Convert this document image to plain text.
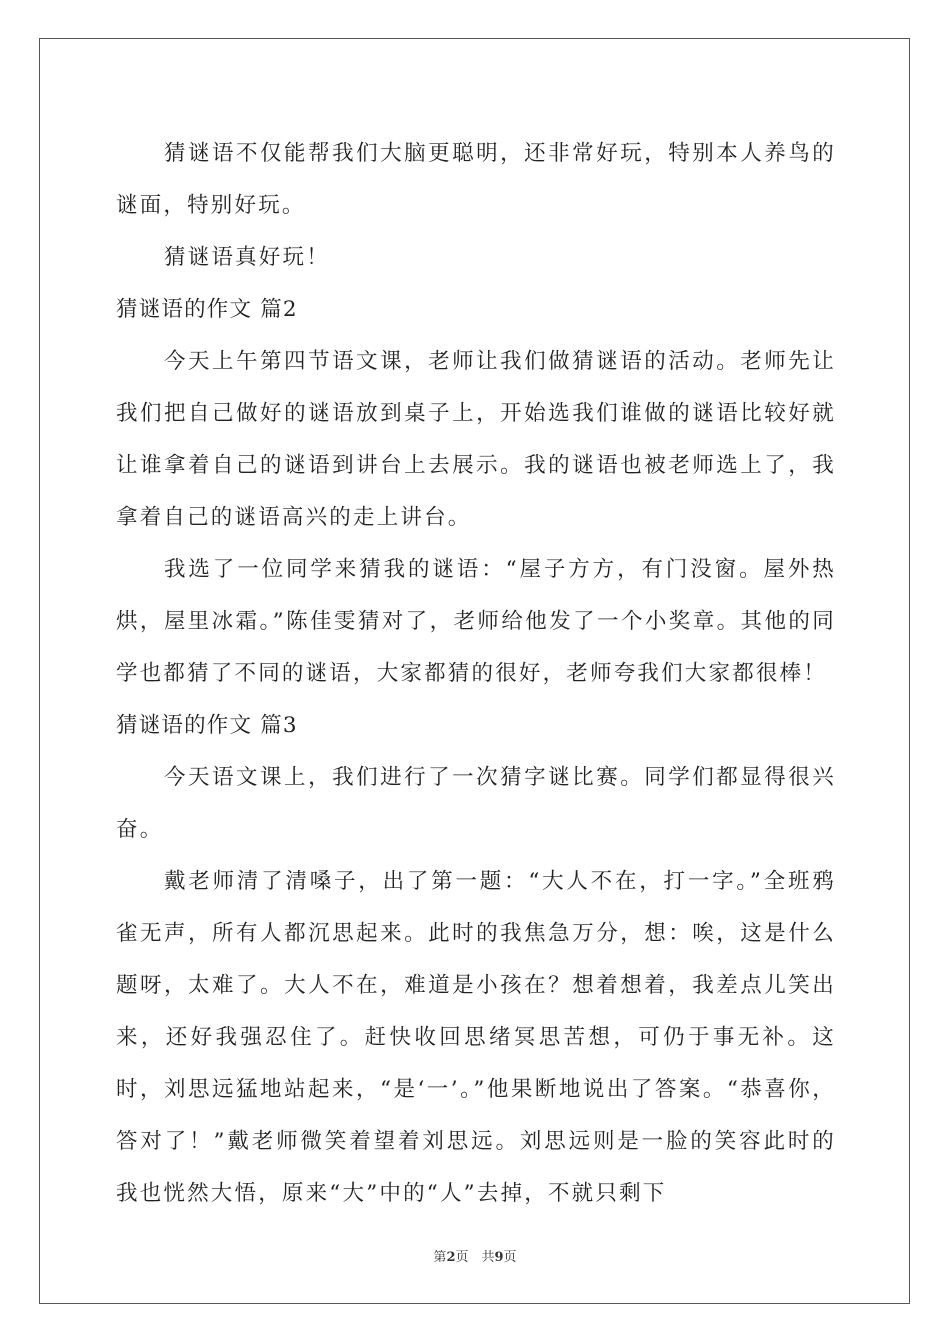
猜谜语不仅能帮我们大脑更聪明，还非常好玩，特别本人养鸟的谜面，特别好玩。

猜谜语真好玩！

猜谜语的作文 篇2

今天上午第四节语文课，老师让我们做猜谜语的活动。老师先让我们把自己做好的谜语放到桌子上，开始选我们谁做的谜语比较好就让谁拿着自己的谜语到讲台上去展示。我的谜语也被老师选上了，我拿着自己的谜语高兴的走上讲台。

我选了一位同学来猜我的谜语：“屋子方方，有门没窗。屋外热烘，屋里冰霜。”陈佳雯猜对了，老师给他发了一个小奖章。其他的同学也都猜了不同的谜语，大家都猜的很好，老师夸我们大家都很棒！

猜谜语的作文 篇3

今天语文课上，我们进行了一次猜字谜比赛。同学们都显得很兴奋。

戴老师清了清嗓子，出了第一题：“大人不在，打一字。”全班鸦雀无声，所有人都沉思起来。此时的我焦急万分，想：唉，这是什么题呀，太难了。大人不在，难道是小孩在？想着想着，我差点儿笑出来，还好我强忍住了。赶快收回思绪冥思苦想，可仍于事无补。这时，刘思远猛地站起来，“是‘一’。”他果断地说出了答案。“恭喜你，答对了！”戴老师微笑着望着刘思远。刘思远则是一脸的笑容此时的我也恍然大悟，原来“大”中的“人”去掉，不就只剩下

第2页　共9页
